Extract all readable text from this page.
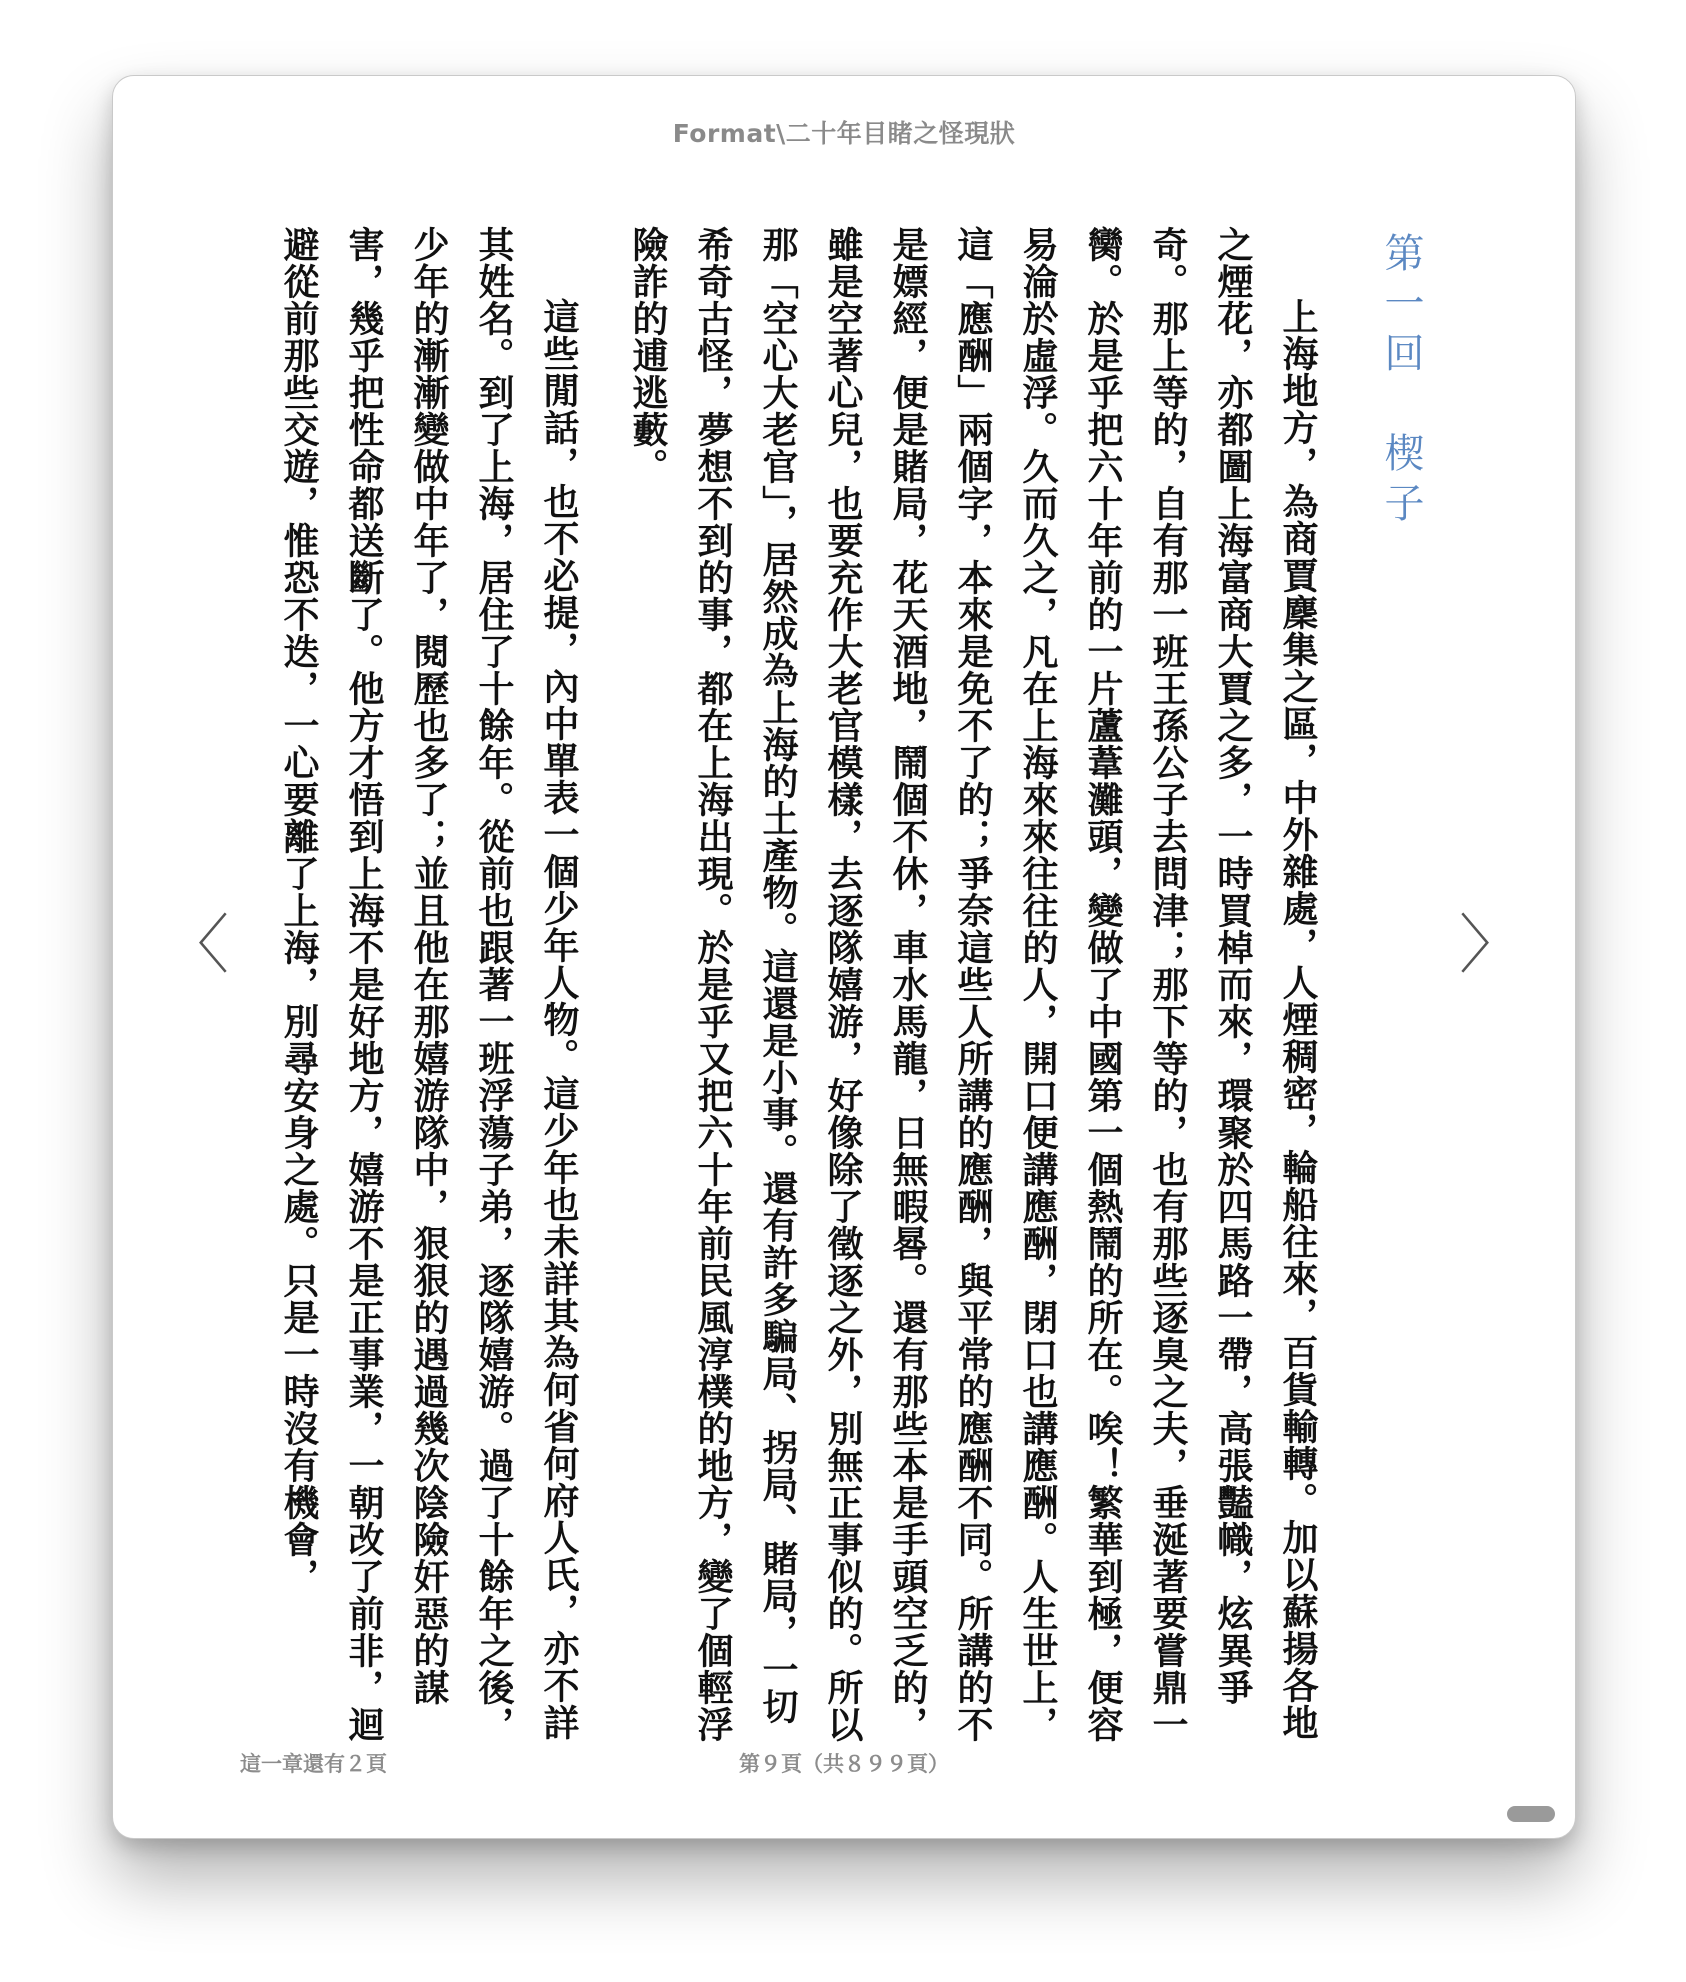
Format\二十年目睹之怪現狀
第一回　楔子
上海地方，為商賈麇集之區，中外雜處，人煙稠密，輪船往來，百貨輸轉。加以蘇揚各地之煙花，亦都圖上海富商大賈之多，一時買棹而來，環聚於四馬路一帶，高張豔幟，炫異爭奇。那上等的，自有那一班王孫公子去問津；那下等的，也有那些逐臭之夫，垂涎著要嘗鼎一臠。於是乎把六十年前的一片蘆葦灘頭，變做了中國第一個熱鬧的所在。唉！繁華到極，便容易淪於虛浮。久而久之，凡在上海來來往往的人，開口便講應酬，閉口也講應酬。人生世上，這「應酬」兩個字，本來是免不了的；爭奈這些人所講的應酬，與平常的應酬不同。所講的不是嫖經，便是賭局，花天酒地，鬧個不休，車水馬龍，日無暇晷。還有那些本是手頭空乏的，雖是空著心兒，也要充作大老官模樣，去逐隊嬉游，好像除了徵逐之外，別無正事似的。所以那「空心大老官」，居然成為上海的土產物。這還是小事。還有許多騙局、拐局、賭局，一切希奇古怪，夢想不到的事，都在上海出現。於是乎又把六十年前民風淳樸的地方，變了個輕浮險詐的逋逃藪。
這些閒話，也不必提，內中單表一個少年人物。這少年也未詳其為何省何府人氏，亦不詳其姓名。到了上海，居住了十餘年。從前也跟著一班浮蕩子弟，逐隊嬉游。過了十餘年之後，少年的漸漸變做中年了，閱歷也多了；並且他在那嬉游隊中，狠狠的遇過幾次陰險奸惡的謀害，幾乎把性命都送斷了。他方才悟到上海不是好地方，嬉游不是正事業，一朝改了前非，迴避從前那些交遊，惟恐不迭，一心要離了上海，別尋安身之處。只是一時沒有機會，
〈	〉
這一章還有２頁	第９頁（共８９９頁）
